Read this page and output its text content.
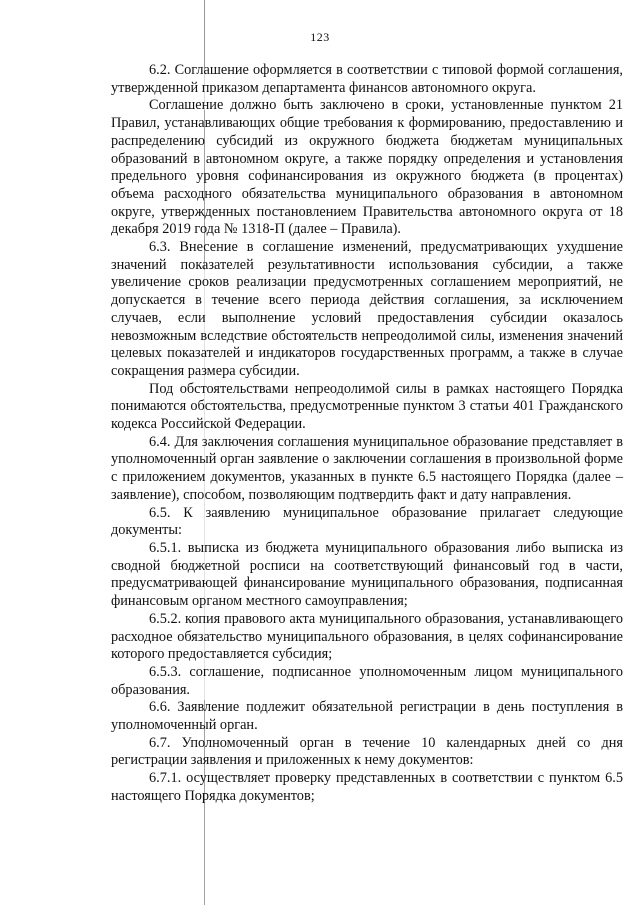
123

6.2. Соглашение оформляется в соответствии с типовой формой соглашения, утвержденной приказом департамента финансов автономного округа.

Соглашение должно быть заключено в сроки, установленные пунктом 21 Правил, устанавливающих общие требования к формированию, предоставлению и распределению субсидий из окружного бюджета бюджетам муниципальных образований в автономном округе, а также порядку определения и установления предельного уровня софинансирования из окружного бюджета (в процентах) объема расходного обязательства муниципального образования в автономном округе, утвержденных постановлением Правительства автономного округа от 18 декабря 2019 года № 1318-П (далее – Правила).

6.3. Внесение в соглашение изменений, предусматривающих ухудшение значений показателей результативности использования субсидии, а также увеличение сроков реализации предусмотренных соглашением мероприятий, не допускается в течение всего периода действия соглашения, за исключением случаев, если выполнение условий предоставления субсидии оказалось невозможным вследствие обстоятельств непреодолимой силы, изменения значений целевых показателей и индикаторов государственных программ, а также в случае сокращения размера субсидии.

Под обстоятельствами непреодолимой силы в рамках настоящего Порядка понимаются обстоятельства, предусмотренные пунктом 3 статьи 401 Гражданского кодекса Российской Федерации.

6.4. Для заключения соглашения муниципальное образование представляет в уполномоченный орган заявление о заключении соглашения в произвольной форме с приложением документов, указанных в пункте 6.5 настоящего Порядка (далее – заявление), способом, позволяющим подтвердить факт и дату направления.

6.5. К заявлению муниципальное образование прилагает следующие документы:

6.5.1. выписка из бюджета муниципального образования либо выписка из сводной бюджетной росписи на соответствующий финансовый год в части, предусматривающей финансирование муниципального образования, подписанная финансовым органом местного самоуправления;

6.5.2. копия правового акта муниципального образования, устанавливающего расходное обязательство муниципального образования, в целях софинансирование которого предоставляется субсидия;

6.5.3. соглашение, подписанное уполномоченным лицом муниципального образования.

6.6. Заявление подлежит обязательной регистрации в день поступления в уполномоченный орган.

6.7. Уполномоченный орган в течение 10 календарных дней со дня регистрации заявления и приложенных к нему документов:

6.7.1. осуществляет проверку представленных в соответствии с пунктом 6.5 настоящего Порядка документов;
